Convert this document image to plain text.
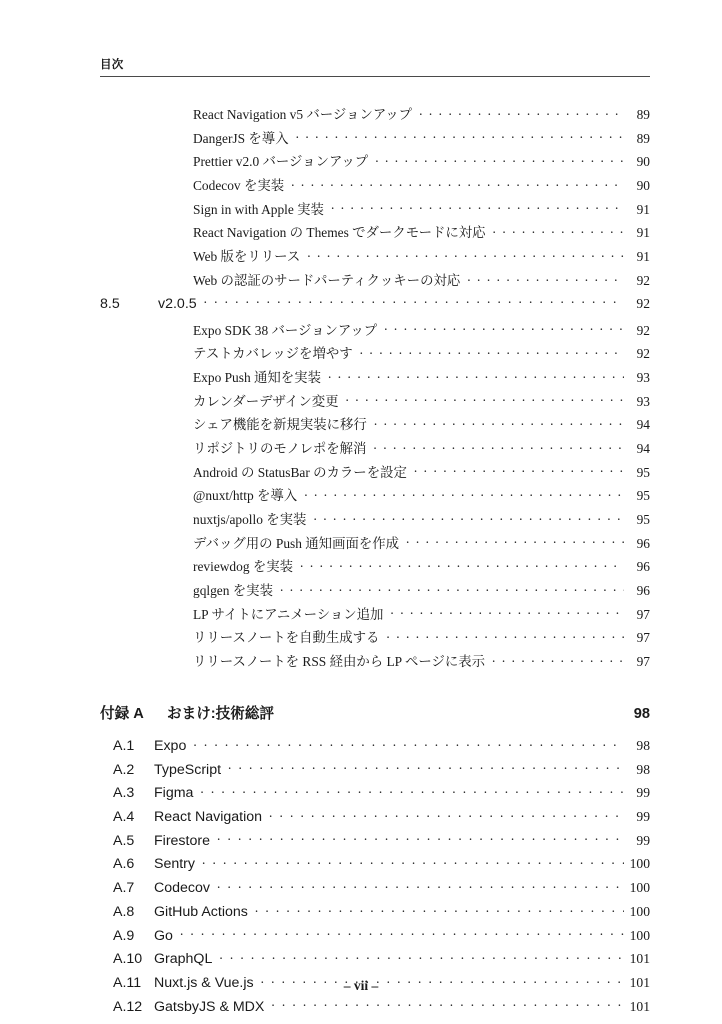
目次
React Navigation v5 バージョンアップ . . .	89
DangerJS を導入 . . .	89
Prettier v2.0 バージョンアップ . . .	90
Codecov を実装 . . .	90
Sign in with Apple 実装 . . .	91
React Navigation の Themes でダークモードに対応 . . .	91
Web 版をリリース . . .	91
Web の認証のサードパーティクッキーの対応 . . .	92
8.5	v2.0.5 . . .	92
Expo SDK 38 バージョンアップ . . .	92
テストカバレッジを増やす . . .	92
Expo Push 通知を実装 . . .	93
カレンダーデザイン変更 . . .	93
シェア機能を新規実装に移行 . . .	94
リポジトリのモノレポを解消 . . .	94
Android の StatusBar のカラーを設定 . . .	95
@nuxt/http を導入 . . .	95
nuxtjs/apollo を実装 . . .	95
デバッグ用の Push 通知画面を作成 . . .	96
reviewdog を実装 . . .	96
gqlgen を実装 . . .	96
LP サイトにアニメーション追加 . . .	97
リリースノートを自動生成する . . .	97
リリースノートを RSS 経由から LP ページに表示 . . .	97
付録 A	おまけ:技術総評	98
A.1	Expo . . .	98
A.2	TypeScript . . .	98
A.3	Figma . . .	99
A.4	React Navigation . . .	99
A.5	Firestore . . .	99
A.6	Sentry . . .	100
A.7	Codecov . . .	100
A.8	GitHub Actions . . .	100
A.9	Go . . .	100
A.10 GraphQL . . .	101
A.11 Nuxt.js & Vue.js . . .	101
A.12 GatsbyJS & MDX . . .	101
– vii –
